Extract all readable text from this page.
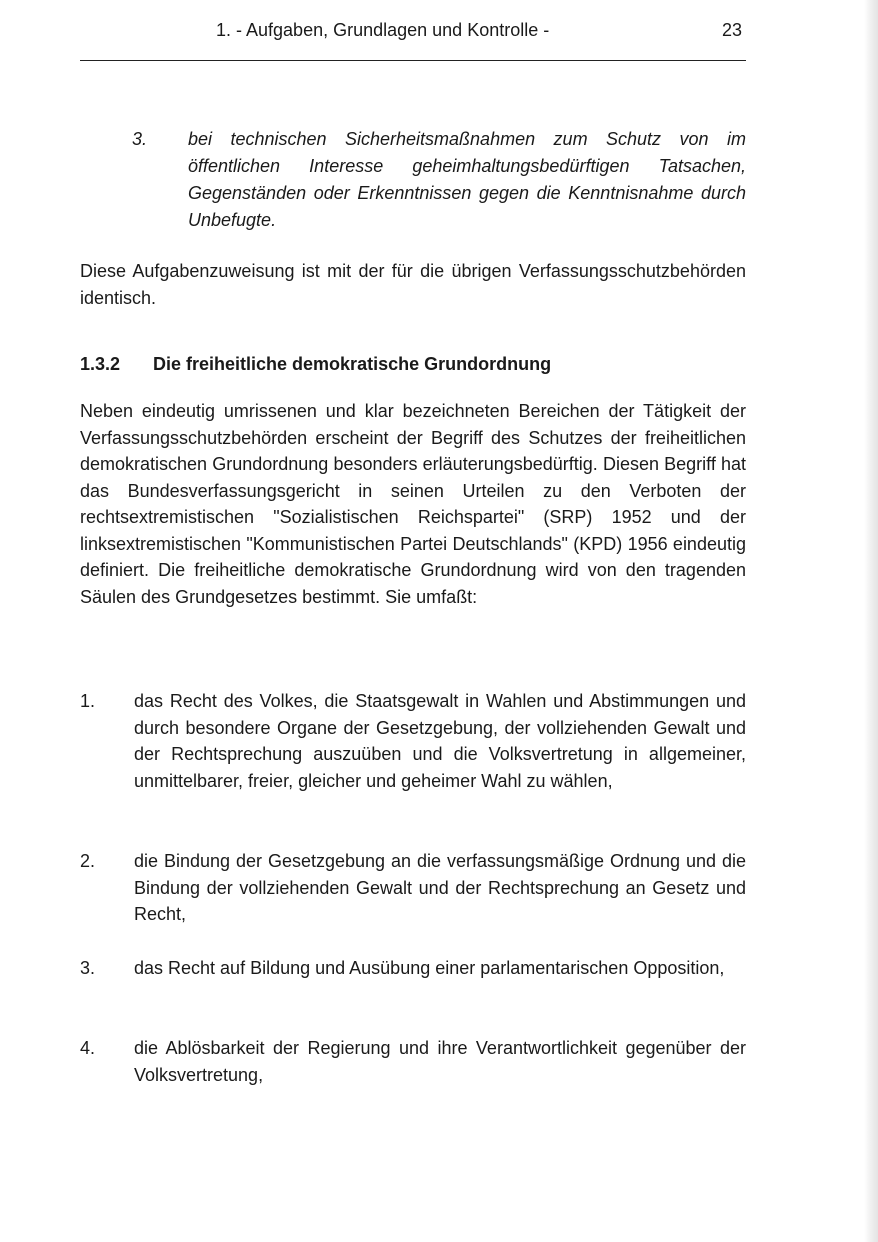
1. - Aufgaben, Grundlagen und Kontrolle -	23
3. bei technischen Sicherheitsmaßnahmen zum Schutz von im öffentlichen Interesse geheimhaltungsbedürftigen Tatsachen, Gegenständen oder Erkenntnissen gegen die Kenntnisnahme durch Unbefugte.
Diese Aufgabenzuweisung ist mit der für die übrigen Verfassungsschutzbehörden identisch.
1.3.2 Die freiheitliche demokratische Grundordnung
Neben eindeutig umrissenen und klar bezeichneten Bereichen der Tätigkeit der Verfassungsschutzbehörden erscheint der Begriff des Schutzes der freiheitlichen demokratischen Grundordnung besonders erläuterungsbedürftig. Diesen Begriff hat das Bundesverfassungsgericht in seinen Urteilen zu den Verboten der rechtsextremistischen "Sozialistischen Reichspartei" (SRP) 1952 und der linksextremistischen "Kommunistischen Partei Deutschlands" (KPD) 1956 eindeutig definiert. Die freiheitliche demokratische Grundordnung wird von den tragenden Säulen des Grundgesetzes bestimmt. Sie umfaßt:
1. das Recht des Volkes, die Staatsgewalt in Wahlen und Abstimmungen und durch besondere Organe der Gesetzgebung, der vollziehenden Gewalt und der Rechtsprechung auszuüben und die Volksvertretung in allgemeiner, unmittelbarer, freier, gleicher und geheimer Wahl zu wählen,
2. die Bindung der Gesetzgebung an die verfassungsmäßige Ordnung und die Bindung der vollziehenden Gewalt und der Rechtsprechung an Gesetz und Recht,
3. das Recht auf Bildung und Ausübung einer parlamentarischen Opposition,
4. die Ablösbarkeit der Regierung und ihre Verantwortlichkeit gegenüber der Volksvertretung,
